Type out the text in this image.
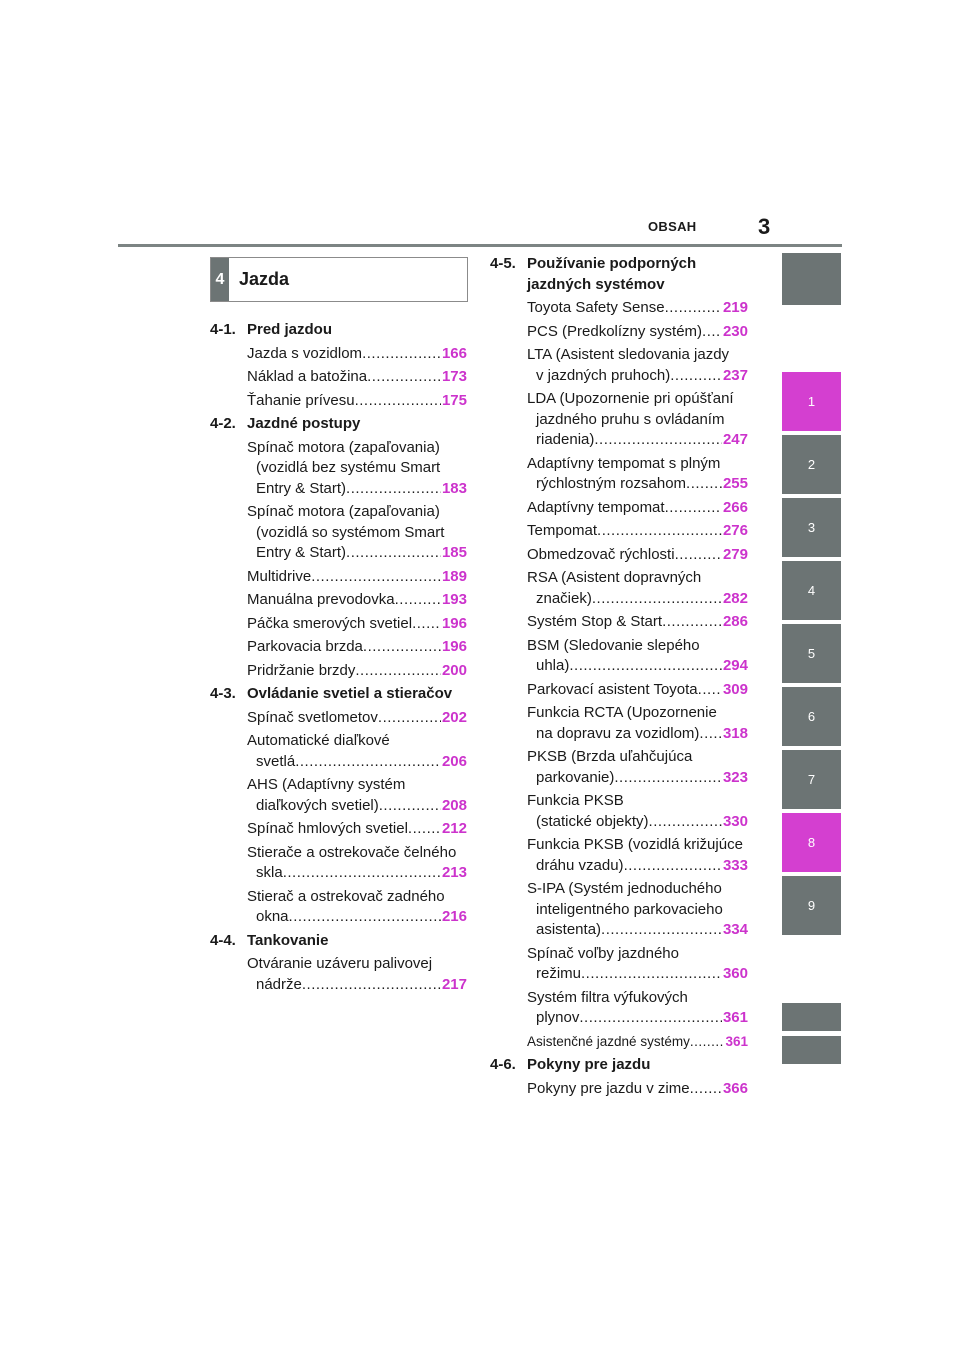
OBSAH	3
4 Jazda
4-1. Pred jazdou
Jazda s vozidlom .....	166
Náklad a batožina .....	173
Ťahanie prívesu .....	175
4-2. Jazdné postupy
Spínač motora (zapaľovania)
(vozidlá bez systému Smart
Entry & Start) .....	183
Spínač motora (zapaľovania)
(vozidlá so systémom Smart
Entry & Start) .....	185
Multidrive .....	189
Manuálna prevodovka .....	193
Páčka smerových svetiel ..... 196
Parkovacia brzda .....	196
Pridržanie brzdy .....	200
4-3. Ovládanie svetiel a stieračov
Spínač svetlometov .....	202
Automatické diaľkové
svetlá .....	206
AHS (Adaptívny systém
diaľkových svetiel) .....	208
Spínač hmlových svetiel ..... 212
Stierače a ostrekovače čelného
skla .....	213
Stierač a ostrekovač zadného
okna .....	216
4-4. Tankovanie
Otváranie uzáveru palivovej
nádrže .....	217
4-5. Používanie podporných jazdných systémov
Toyota Safety Sense .....	219
PCS (Predkolízny systém) ..... 230
LTA (Asistent sledovania jazdy
v jazdných pruhoch) .....	237
LDA (Upozornenie pri opúšťaní
jazdného pruhu s ovládaním
riadenia) .....	247
Adaptívny tempomat s plným
rýchlostným rozsahom ..... 255
Adaptívny tempomat .....	266
Tempomat .....	276
Obmedzovač rýchlosti .....	279
RSA (Asistent dopravných
značiek) .....	282
Systém Stop & Start .....	286
BSM (Sledovanie slepého
uhla) .....	294
Parkovací asistent Toyota ..... 309
Funkcia RCTA (Upozornenie
na dopravu za vozidlom) ..... 318
PKSB (Brzda uľahčujúca
parkovanie) .....	323
Funkcia PKSB
(statické objekty) .....	330
Funkcia PKSB (vozidlá križujúce
dráhu vzadu) .....	333
S-IPA (Systém jednoduchého
inteligentného parkovacieho
asistenta) .....	334
Spínač voľby jazdného
režimu .....	360
Systém filtra výfukových
plynov .....	361
Asistenčné jazdné systémy .....	361
4-6. Pokyny pre jazdu
Pokyny pre jazdu v zime ..... 366
1
2
3
4
5
6
7
8
9
